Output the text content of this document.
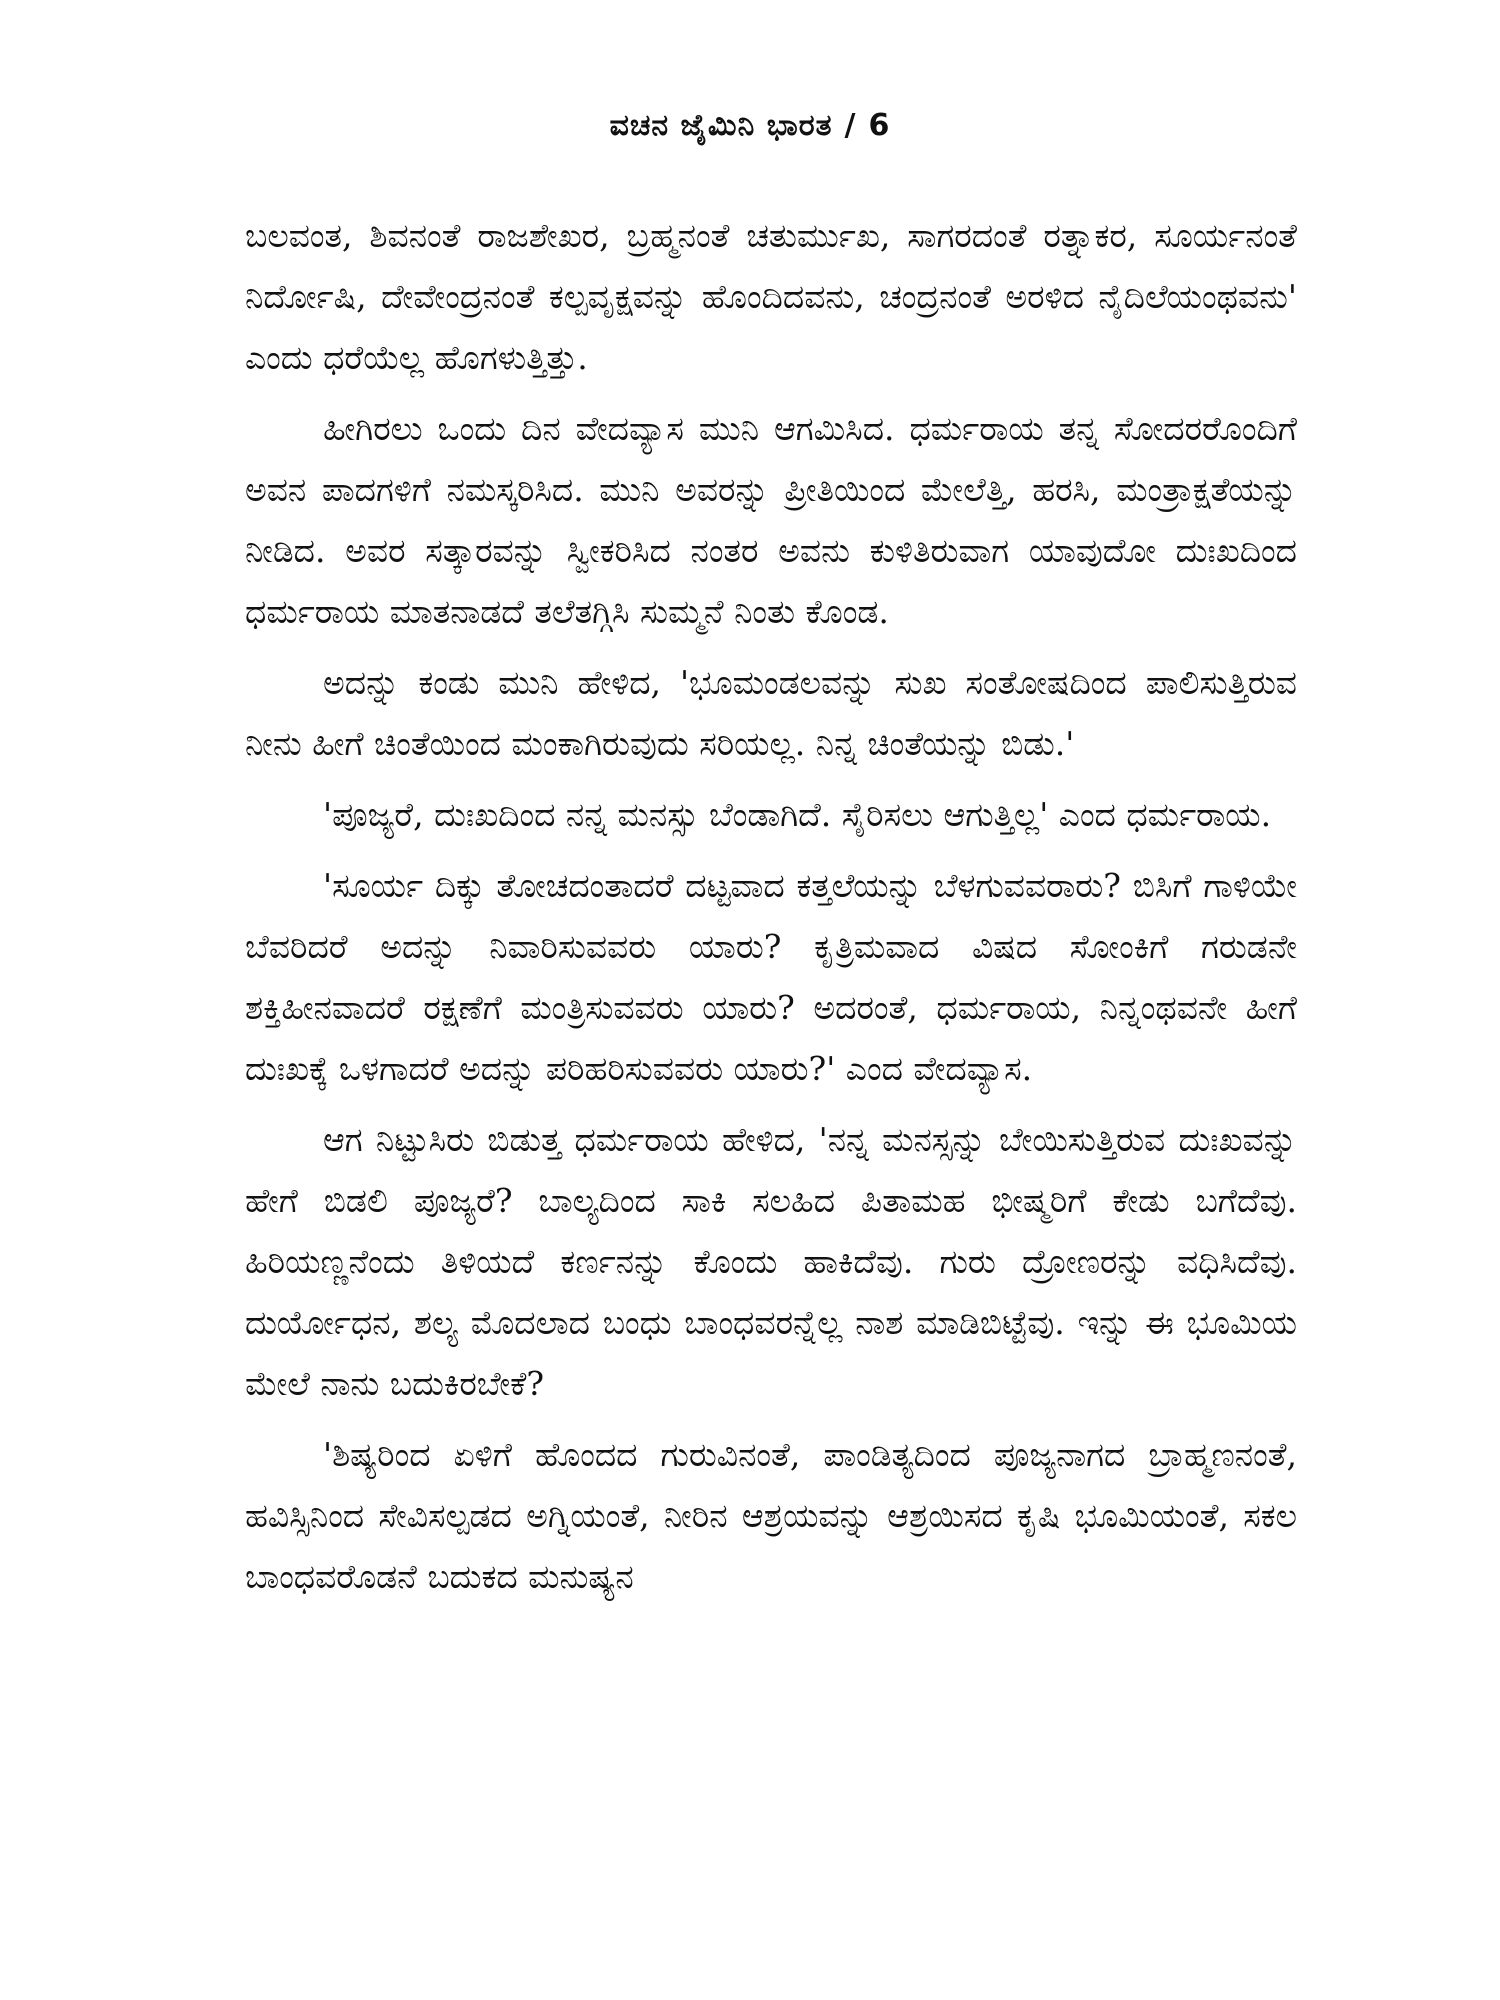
ವಚನ ಜೈಮಿನಿ ಭಾರತ / 6

ಬಲವಂತ, ಶಿವನಂತೆ ರಾಜಶೇಖರ, ಬ್ರಹ್ಮನಂತೆ ಚತುರ್ಮುಖ, ಸಾಗರದಂತೆ ರತ್ನಾಕರ, ಸೂರ್ಯನಂತೆ ನಿರ್ದೋಷಿ, ದೇವೇಂದ್ರನಂತೆ ಕಲ್ಪವೃಕ್ಷವನ್ನು ಹೊಂದಿದವನು, ಚಂದ್ರನಂತೆ ಅರಳಿದ ನೈದಿಲೆಯಂಥವನು' ಎಂದು ಧರೆಯೆಲ್ಲ ಹೊಗಳುತ್ತಿತ್ತು.

ಹೀಗಿರಲು ಒಂದು ದಿನ ವೇದವ್ಯಾಸ ಮುನಿ ಆಗಮಿಸಿದ. ಧರ್ಮರಾಯ ತನ್ನ ಸೋದರರೊಂದಿಗೆ ಅವನ ಪಾದಗಳಿಗೆ ನಮಸ್ಕರಿಸಿದ. ಮುನಿ ಅವರನ್ನು ಪ್ರೀತಿಯಿಂದ ಮೇಲೆತ್ತಿ, ಹರಸಿ, ಮಂತ್ರಾಕ್ಷತೆಯನ್ನು ನೀಡಿದ. ಅವರ ಸತ್ಕಾರವನ್ನು ಸ್ವೀಕರಿಸಿದ ನಂತರ ಅವನು ಕುಳಿತಿರುವಾಗ ಯಾವುದೋ ದುಃಖದಿಂದ ಧರ್ಮರಾಯ ಮಾತನಾಡದೆ ತಲೆತಗ್ಗಿಸಿ ಸುಮ್ಮನೆ ನಿಂತು ಕೊಂಡ.

ಅದನ್ನು ಕಂಡು ಮುನಿ ಹೇಳಿದ, 'ಭೂಮಂಡಲವನ್ನು ಸುಖ ಸಂತೋಷದಿಂದ ಪಾಲಿಸುತ್ತಿರುವ ನೀನು ಹೀಗೆ ಚಿಂತೆಯಿಂದ ಮಂಕಾಗಿರುವುದು ಸರಿಯಲ್ಲ. ನಿನ್ನ ಚಿಂತೆಯನ್ನು ಬಿಡು.'

'ಪೂಜ್ಯರೆ, ದುಃಖದಿಂದ ನನ್ನ ಮನಸ್ಸು ಬೆಂಡಾಗಿದೆ. ಸೈರಿಸಲು ಆಗುತ್ತಿಲ್ಲ' ಎಂದ ಧರ್ಮರಾಯ.

'ಸೂರ್ಯ ದಿಕ್ಕು ತೋಚದಂತಾದರೆ ದಟ್ಟವಾದ ಕತ್ತಲೆಯನ್ನು ಬೆಳಗುವವರಾರು? ಬಿಸಿಗೆ ಗಾಳಿಯೇ ಬೆವರಿದರೆ ಅದನ್ನು ನಿವಾರಿಸುವವರು ಯಾರು? ಕೃತ್ರಿಮವಾದ ವಿಷದ ಸೋಂಕಿಗೆ ಗರುಡನೇ ಶಕ್ತಿಹೀನವಾದರೆ ರಕ್ಷಣೆಗೆ ಮಂತ್ರಿಸುವವರು ಯಾರು? ಅದರಂತೆ, ಧರ್ಮರಾಯ, ನಿನ್ನಂಥವನೇ ಹೀಗೆ ದುಃಖಕ್ಕೆ ಒಳಗಾದರೆ ಅದನ್ನು ಪರಿಹರಿಸುವವರು ಯಾರು?' ಎಂದ ವೇದವ್ಯಾಸ.

ಆಗ ನಿಟ್ಟುಸಿರು ಬಿಡುತ್ತ ಧರ್ಮರಾಯ ಹೇಳಿದ, 'ನನ್ನ ಮನಸ್ಸನ್ನು ಬೇಯಿಸುತ್ತಿರುವ ದುಃಖವನ್ನು ಹೇಗೆ ಬಿಡಲಿ ಪೂಜ್ಯರೆ? ಬಾಲ್ಯದಿಂದ ಸಾಕಿ ಸಲಹಿದ ಪಿತಾಮಹ ಭೀಷ್ಮರಿಗೆ ಕೇಡು ಬಗೆದೆವು. ಹಿರಿಯಣ್ಣನೆಂದು ತಿಳಿಯದೆ ಕರ್ಣನನ್ನು ಕೊಂದು ಹಾಕಿದೆವು. ಗುರು ದ್ರೋಣರನ್ನು ವಧಿಸಿದೆವು. ದುರ್ಯೋಧನ, ಶಲ್ಯ ಮೊದಲಾದ ಬಂಧು ಬಾಂಧವರನ್ನೆಲ್ಲ ನಾಶ ಮಾಡಿಬಿಟ್ಟೆವು. ಇನ್ನು ಈ ಭೂಮಿಯ ಮೇಲೆ ನಾನು ಬದುಕಿರಬೇಕೆ?

'ಶಿಷ್ಯರಿಂದ ಏಳಿಗೆ ಹೊಂದದ ಗುರುವಿನಂತೆ, ಪಾಂಡಿತ್ಯದಿಂದ ಪೂಜ್ಯನಾಗದ ಬ್ರಾಹ್ಮಣನಂತೆ, ಹವಿಸ್ಸಿನಿಂದ ಸೇವಿಸಲ್ಪಡದ ಅಗ್ನಿಯಂತೆ, ನೀರಿನ ಆಶ್ರಯವನ್ನು ಆಶ್ರಯಿಸದ ಕೃಷಿ ಭೂಮಿಯಂತೆ, ಸಕಲ ಬಾಂಧವರೊಡನೆ ಬದುಕದ ಮನುಷ್ಯನ
